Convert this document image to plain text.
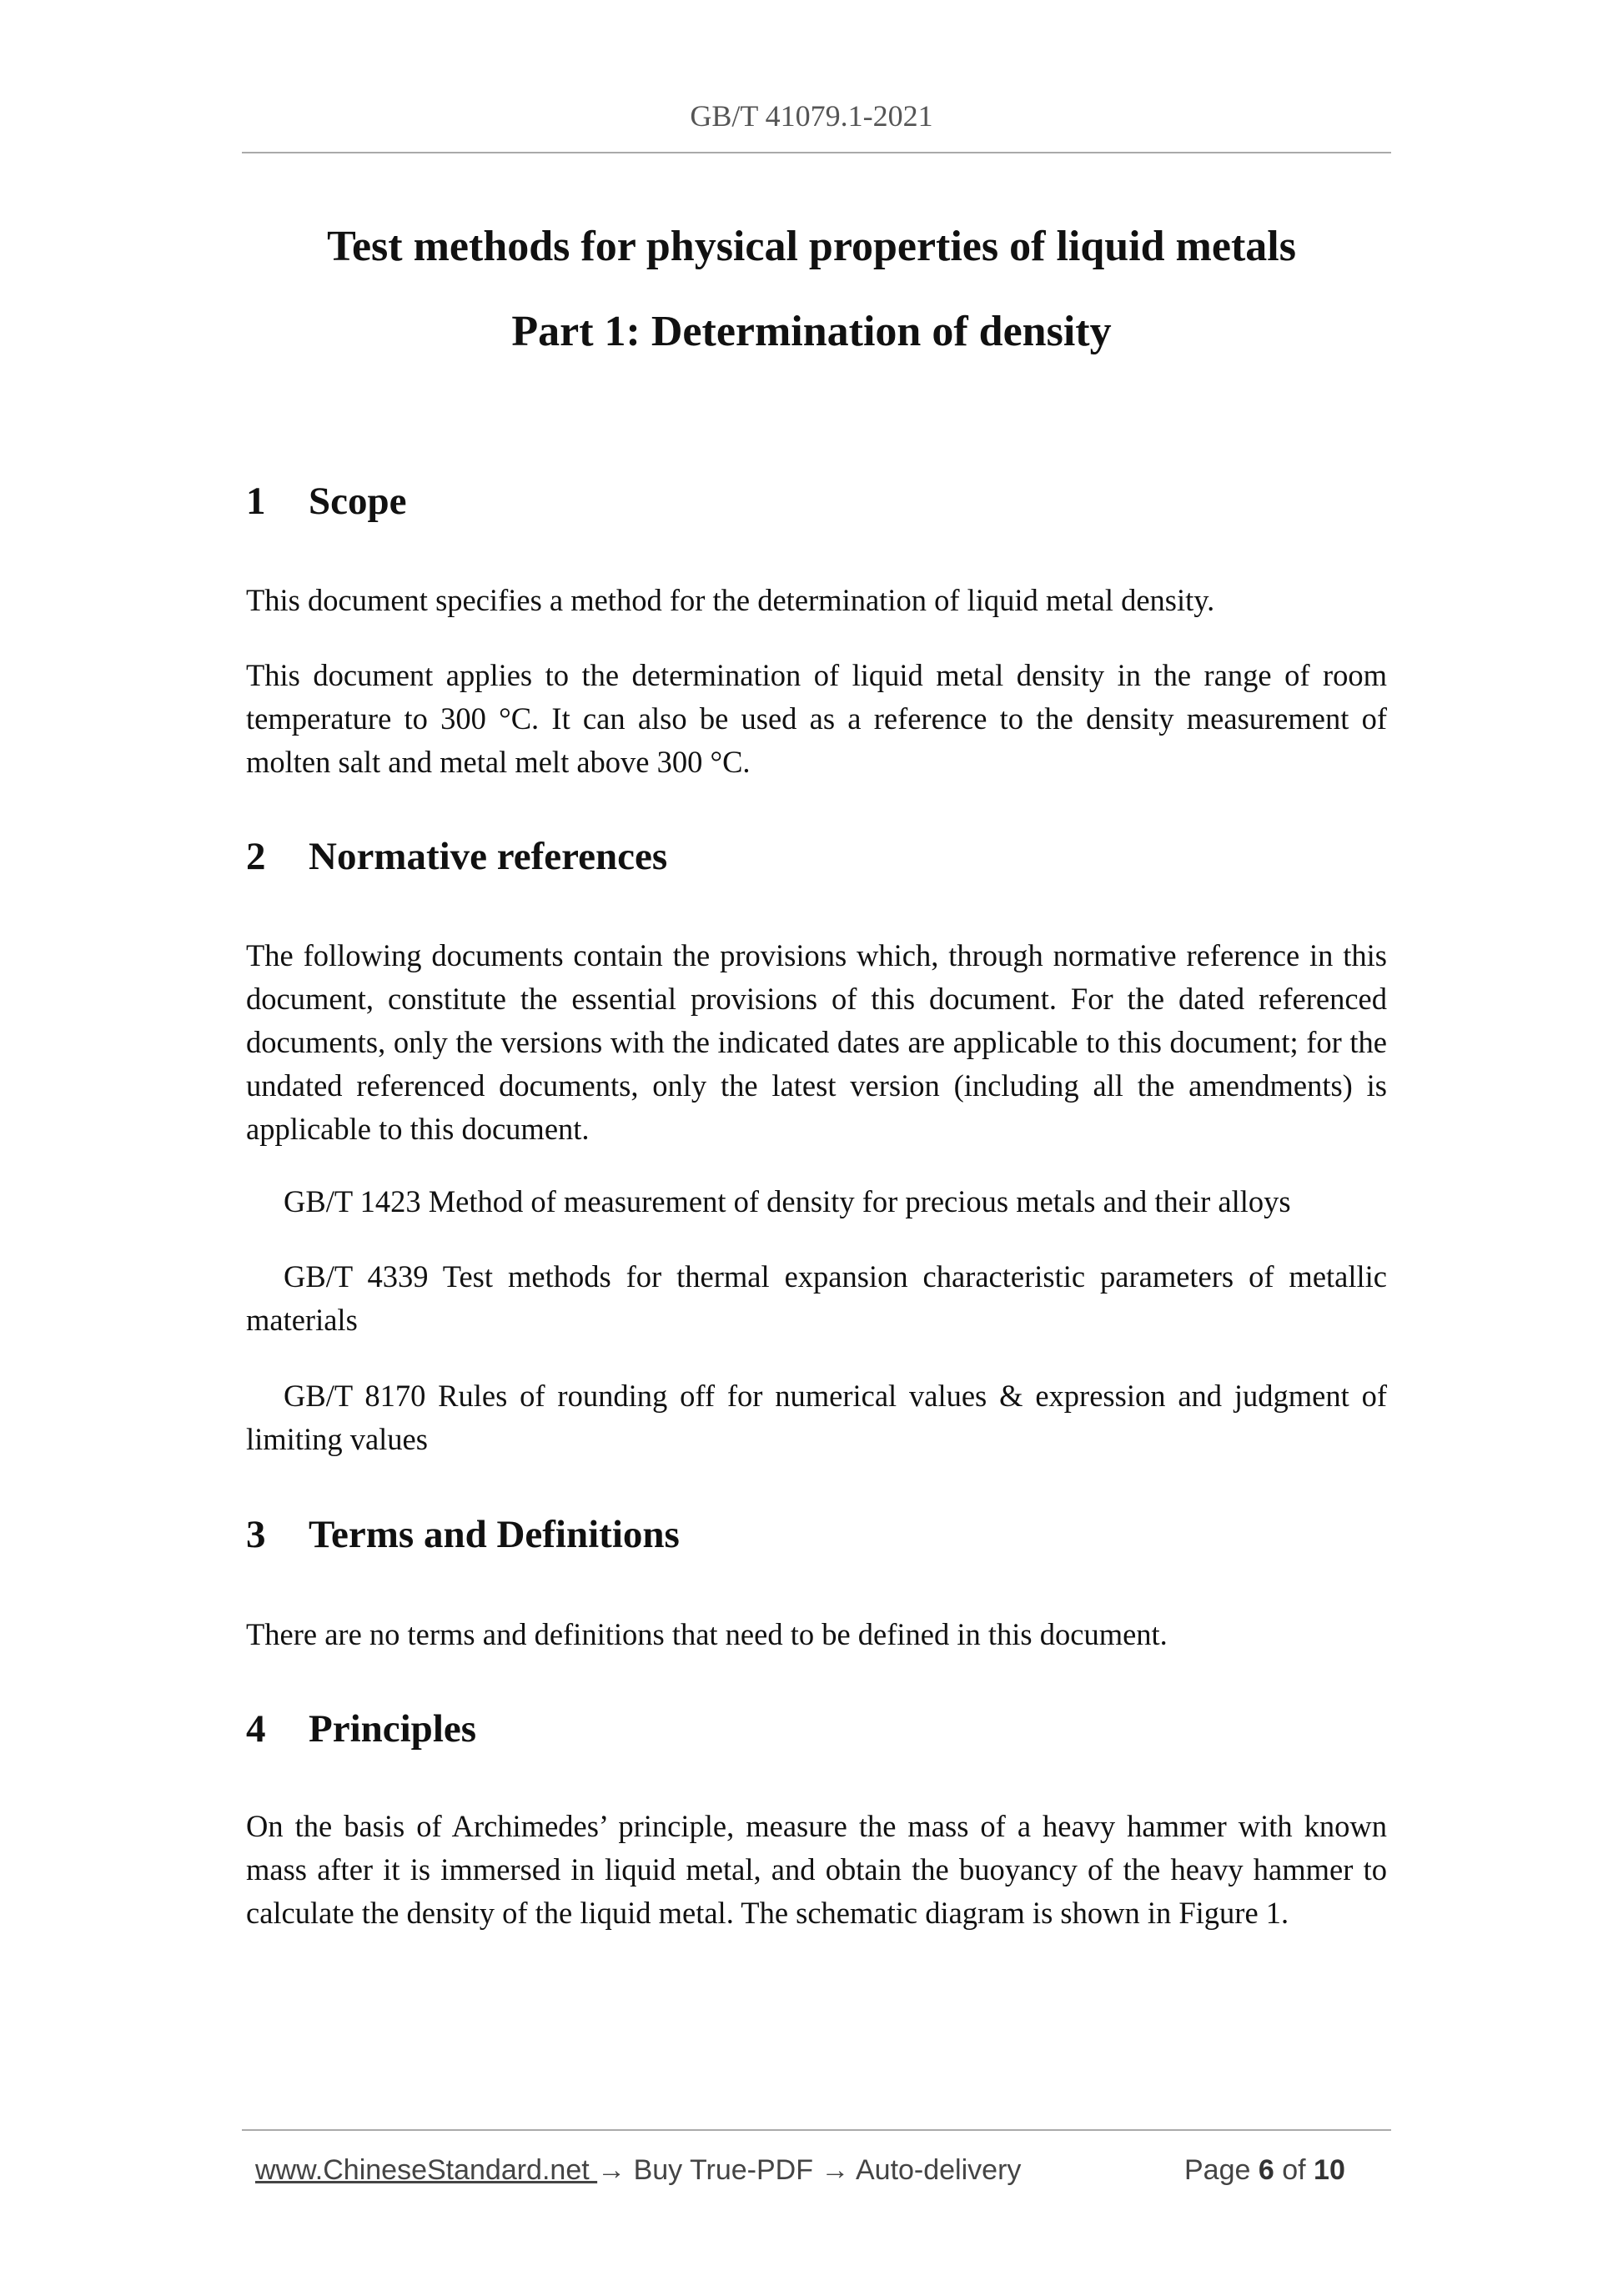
GB/T 41079.1-2021
Test methods for physical properties of liquid metals
Part 1: Determination of density
1 Scope
This document specifies a method for the determination of liquid metal density.
This document applies to the determination of liquid metal density in the range of room temperature to 300 °C. It can also be used as a reference to the density measurement of molten salt and metal melt above 300 °C.
2 Normative references
The following documents contain the provisions which, through normative reference in this document, constitute the essential provisions of this document. For the dated referenced documents, only the versions with the indicated dates are applicable to this document; for the undated referenced documents, only the latest version (including all the amendments) is applicable to this document.
GB/T 1423 Method of measurement of density for precious metals and their alloys
GB/T 4339 Test methods for thermal expansion characteristic parameters of metallic materials
GB/T 8170 Rules of rounding off for numerical values & expression and judgment of limiting values
3 Terms and Definitions
There are no terms and definitions that need to be defined in this document.
4 Principles
On the basis of Archimedes’ principle, measure the mass of a heavy hammer with known mass after it is immersed in liquid metal, and obtain the buoyancy of the heavy hammer to calculate the density of the liquid metal. The schematic diagram is shown in Figure 1.
www.ChineseStandard.net → Buy True-PDF → Auto-delivery	Page 6 of 10
